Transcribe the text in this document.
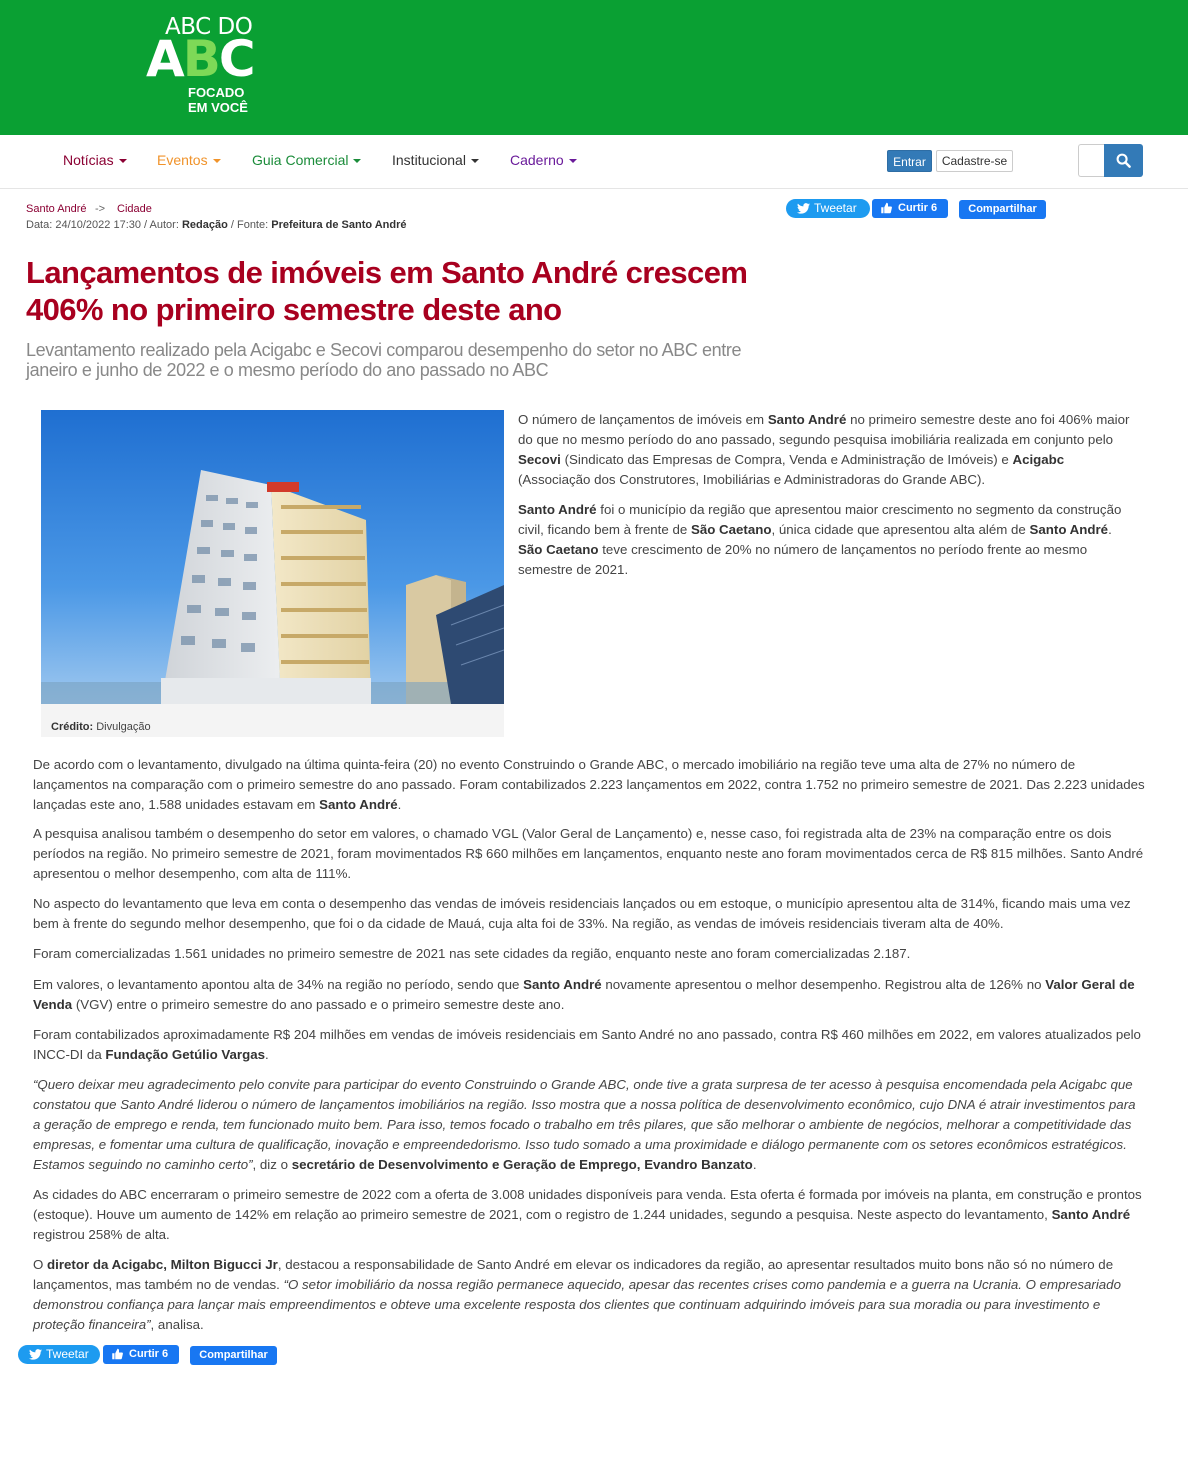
ABC DO
ABC
FOCADO
EM VOCÊ
Notícias	Eventos	Guia Comercial	Institucional	Caderno	Entrar	Cadastre-se
Santo André -> Cidade
Data: 24/10/2022 17:30 / Autor: Redação / Fonte: Prefeitura de Santo André
Tweetar	Curtir 6	Compartilhar
Lançamentos de imóveis em Santo André crescem 406% no primeiro semestre deste ano
Levantamento realizado pela Acigabc e Secovi comparou desempenho do setor no ABC entre janeiro e junho de 2022 e o mesmo período do ano passado no ABC
Crédito: Divulgação

O número de lançamentos de imóveis em Santo André no primeiro semestre deste ano foi 406% maior do que no mesmo período do ano passado, segundo pesquisa imobiliária realizada em conjunto pelo Secovi (Sindicato das Empresas de Compra, Venda e Administração de Imóveis) e Acigabc (Associação dos Construtores, Imobiliárias e Administradoras do Grande ABC).

Santo André foi o município da região que apresentou maior crescimento no segmento da construção civil, ficando bem à frente de São Caetano, única cidade que apresentou alta além de Santo André. São Caetano teve crescimento de 20% no número de lançamentos no período frente ao mesmo semestre de 2021.

De acordo com o levantamento, divulgado na última quinta-feira (20) no evento Construindo o Grande ABC, o mercado imobiliário na região teve uma alta de 27% no número de lançamentos na comparação com o primeiro semestre do ano passado. Foram contabilizados 2.223 lançamentos em 2022, contra 1.752 no primeiro semestre de 2021. Das 2.223 unidades lançadas este ano, 1.588 unidades estavam em Santo André.

A pesquisa analisou também o desempenho do setor em valores, o chamado VGL (Valor Geral de Lançamento) e, nesse caso, foi registrada alta de 23% na comparação entre os dois períodos na região. No primeiro semestre de 2021, foram movimentados R$ 660 milhões em lançamentos, enquanto neste ano foram movimentados cerca de R$ 815 milhões. Santo André apresentou o melhor desempenho, com alta de 111%.

No aspecto do levantamento que leva em conta o desempenho das vendas de imóveis residenciais lançados ou em estoque, o município apresentou alta de 314%, ficando mais uma vez bem à frente do segundo melhor desempenho, que foi o da cidade de Mauá, cuja alta foi de 33%. Na região, as vendas de imóveis residenciais tiveram alta de 40%.

Foram comercializadas 1.561 unidades no primeiro semestre de 2021 nas sete cidades da região, enquanto neste ano foram comercializadas 2.187.

Em valores, o levantamento apontou alta de 34% na região no período, sendo que Santo André novamente apresentou o melhor desempenho. Registrou alta de 126% no Valor Geral de Venda (VGV) entre o primeiro semestre do ano passado e o primeiro semestre deste ano.

Foram contabilizados aproximadamente R$ 204 milhões em vendas de imóveis residenciais em Santo André no ano passado, contra R$ 460 milhões em 2022, em valores atualizados pelo INCC-DI da Fundação Getúlio Vargas.

“Quero deixar meu agradecimento pelo convite para participar do evento Construindo o Grande ABC, onde tive a grata surpresa de ter acesso à pesquisa encomendada pela Acigabc que constatou que Santo André liderou o número de lançamentos imobiliários na região. Isso mostra que a nossa política de desenvolvimento econômico, cujo DNA é atrair investimentos para a geração de emprego e renda, tem funcionado muito bem. Para isso, temos focado o trabalho em três pilares, que são melhorar o ambiente de negócios, melhorar a competitividade das empresas, e fomentar uma cultura de qualificação, inovação e empreendedorismo. Isso tudo somado a uma proximidade e diálogo permanente com os setores econômicos estratégicos. Estamos seguindo no caminho certo”, diz o secretário de Desenvolvimento e Geração de Emprego, Evandro Banzato.

As cidades do ABC encerraram o primeiro semestre de 2022 com a oferta de 3.008 unidades disponíveis para venda. Esta oferta é formada por imóveis na planta, em construção e prontos (estoque). Houve um aumento de 142% em relação ao primeiro semestre de 2021, com o registro de 1.244 unidades, segundo a pesquisa. Neste aspecto do levantamento, Santo André registrou 258% de alta.

O diretor da Acigabc, Milton Bigucci Jr, destacou a responsabilidade de Santo André em elevar os indicadores da região, ao apresentar resultados muito bons não só no número de lançamentos, mas também no de vendas. “O setor imobiliário da nossa região permanece aquecido, apesar das recentes crises como pandemia e a guerra na Ucrania. O empresariado demonstrou confiança para lançar mais empreendimentos e obteve uma excelente resposta dos clientes que continuam adquirindo imóveis para sua moradia ou para investimento e proteção financeira”, analisa.

Tweetar	Curtir 6	Compartilhar
